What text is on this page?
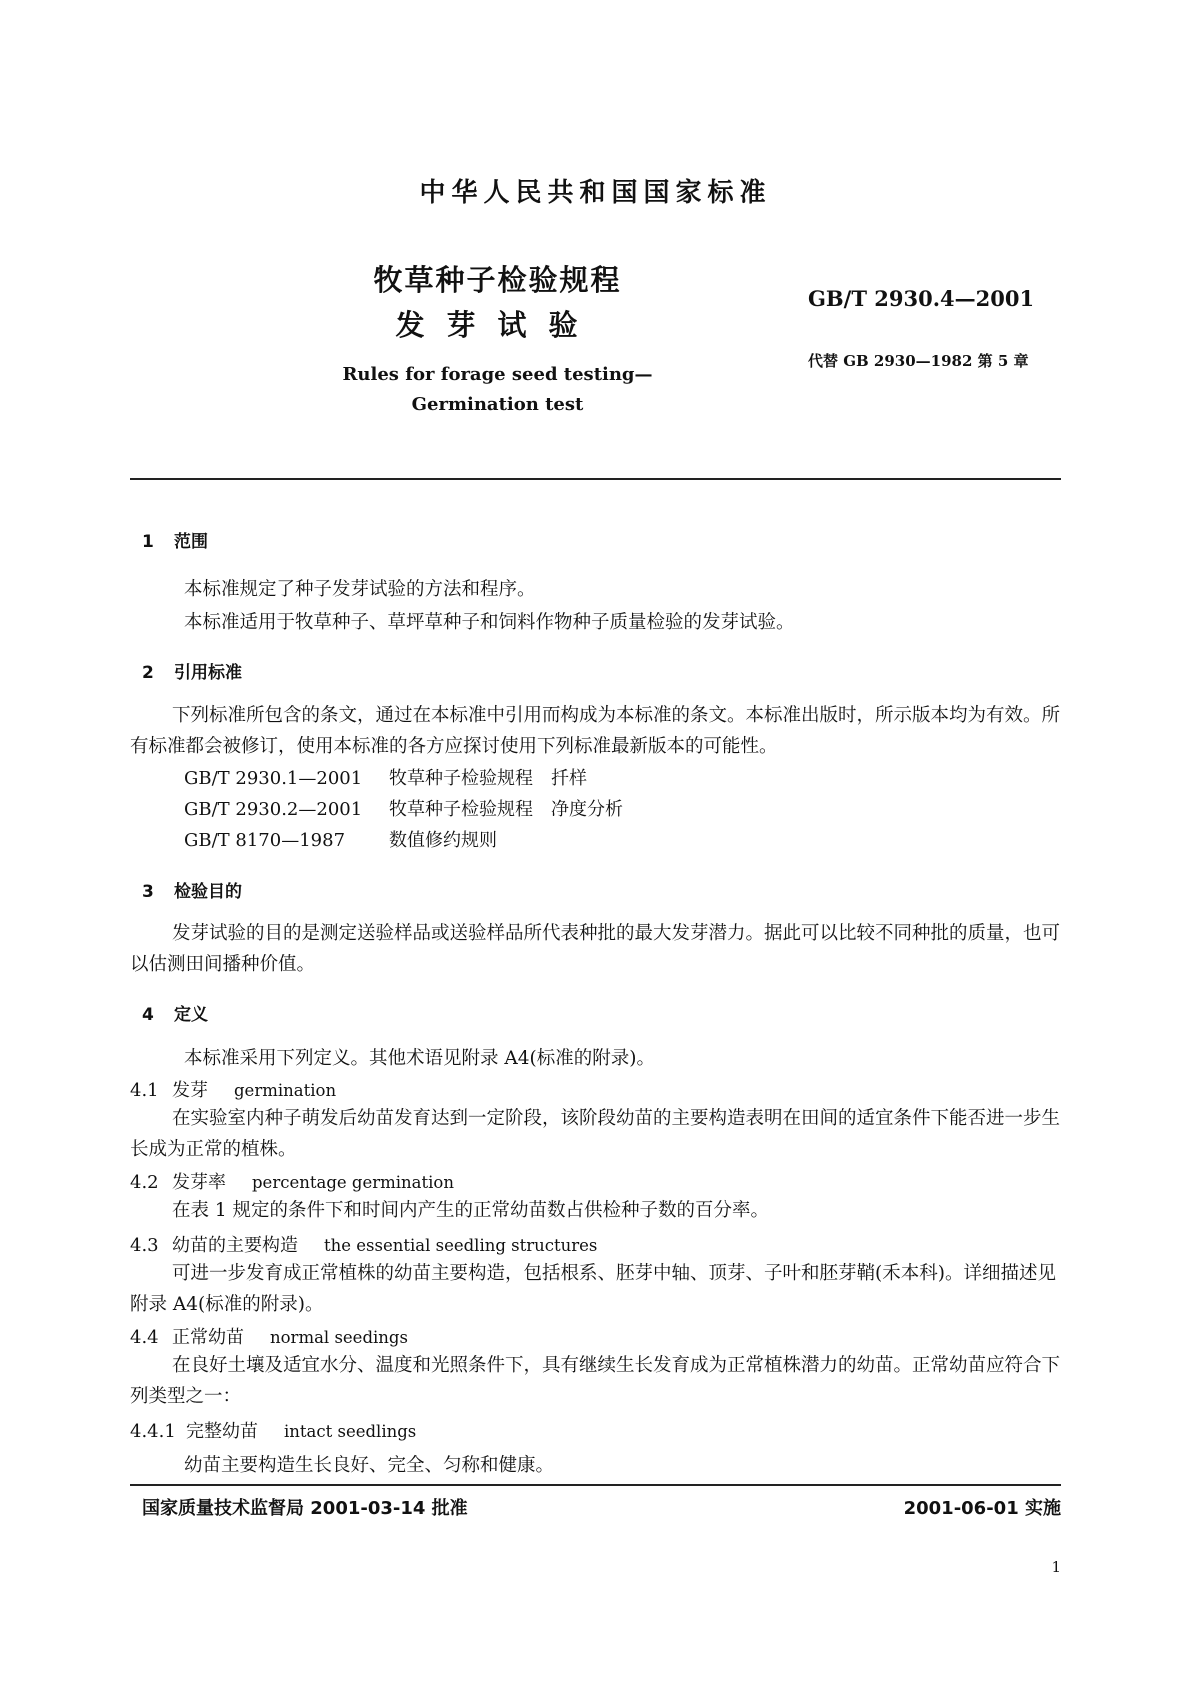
中华人民共和国国家标准
牧草种子检验规程
发芽试验
Rules for forage seed testing—
Germination test
GB/T 2930.4—2001
代替 GB 2930—1982 第 5 章
1 范围
本标准规定了种子发芽试验的方法和程序。
本标准适用于牧草种子、草坪草种子和饲料作物种子质量检验的发芽试验。
2 引用标准
下列标准所包含的条文，通过在本标准中引用而构成为本标准的条文。本标准出版时，所示版本均为有效。所有标准都会被修订，使用本标准的各方应探讨使用下列标准最新版本的可能性。
GB/T 2930.1—2001 牧草种子检验规程　扦样
GB/T 2930.2—2001 牧草种子检验规程　净度分析
GB/T 8170—1987 数值修约规则
3 检验目的
发芽试验的目的是测定送验样品或送验样品所代表种批的最大发芽潜力。据此可以比较不同种批的质量，也可以估测田间播种价值。
4 定义
本标准采用下列定义。其他术语见附录 A4(标准的附录)。
4.1 发芽 germination
在实验室内种子萌发后幼苗发育达到一定阶段，该阶段幼苗的主要构造表明在田间的适宜条件下能否进一步生长成为正常的植株。
4.2 发芽率 percentage germination
在表 1 规定的条件下和时间内产生的正常幼苗数占供检种子数的百分率。
4.3 幼苗的主要构造 the essential seedling structures
可进一步发育成正常植株的幼苗主要构造，包括根系、胚芽中轴、顶芽、子叶和胚芽鞘(禾本科)。详细描述见附录 A4(标准的附录)。
4.4 正常幼苗 normal seedings
在良好土壤及适宜水分、温度和光照条件下，具有继续生长发育成为正常植株潜力的幼苗。正常幼苗应符合下列类型之一：
4.4.1 完整幼苗 intact seedlings
幼苗主要构造生长良好、完全、匀称和健康。
国家质量技术监督局 2001-03-14 批准	2001-06-01 实施
1
